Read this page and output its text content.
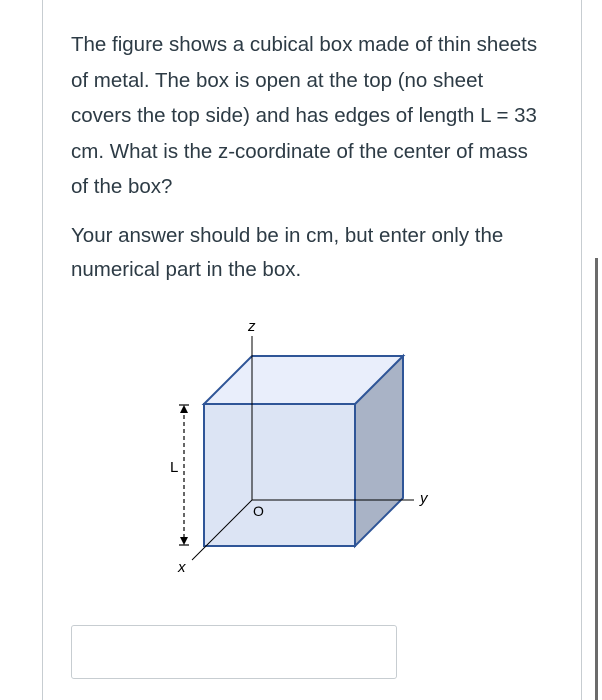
The figure shows a cubical box made of thin sheets of metal. The box is open at the top (no sheet covers the top side) and has edges of length L = 33 cm. What is the z-coordinate of the center of mass of the box?

Your answer should be in cm, but enter only the numerical part in the box.

z
y
x
O
L
